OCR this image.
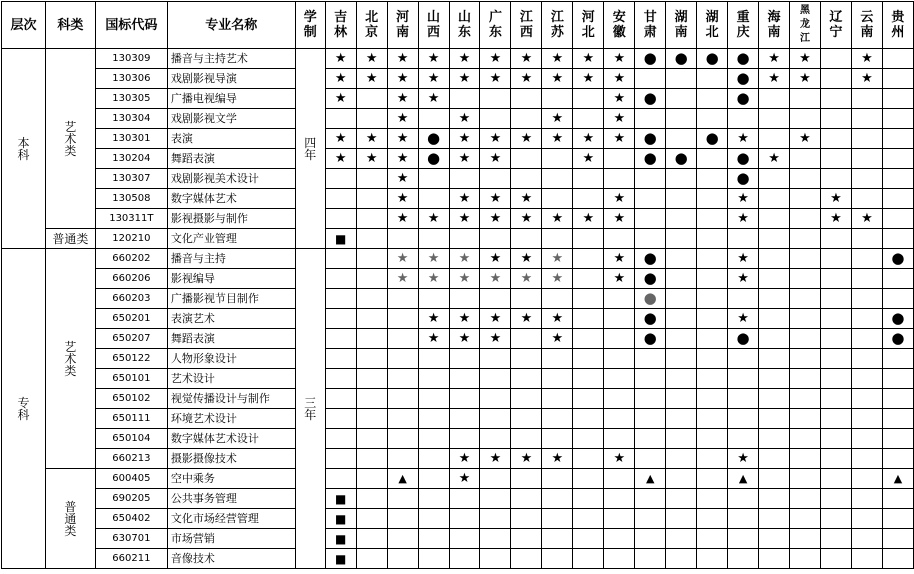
层次	科类	国标代码	专业名称	学制	吉林	北京	河南	山西	山东	广东	江西	江苏	河北	安徽	甘肃	湖南	湖北	重庆	海南	黑龙江	辽宁	云南	贵州
本科	艺术类	130309	播音与主持艺术	四年	★	★	★	★	★	★	★	★	★	★	●	●	●	●	★	★		★	
		130306	戏剧影视导演		★	★	★	★	★	★	★	★	★	★				●	★	★		★	
		130305	广播电视编导		★		★	★						★	●			●					
		130304	戏剧影视文学				★		★			★		★									
		130301	表演		★	★	★	●	★	★	★	★	★	★	●		●	★		★			
		130204	舞蹈表演		★	★	★	●	★	★			★		●	●		●	★				
		130307	戏剧影视美术设计				★											●					
		130508	数字媒体艺术				★		★	★	★			★				★			★		
		130311T	影视摄影与制作				★	★	★	★	★	★	★	★				★			★	★	
	普通类	120210	文化产业管理		■																		
专科	艺术类	660202	播音与主持	三年			★	★	★	★	★	★		★	●			★					●
		660206	影视编导				★	★	★	★	★	★		★	●			★					
		660203	广播影视节目制作												●								
		650201	表演艺术					★	★	★	★	★			●			★					●
		650207	舞蹈表演					★	★	★		★			●			●					●
		650122	人物形象设计																				
		650101	艺术设计																				
		650102	视觉传播设计与制作																				
		650111	环境艺术设计																				
		650104	数字媒体艺术设计																				
		660213	摄影摄像技术						★	★	★	★		★				★					
	普通类	600405	空中乘务				▲		★						▲			▲					▲
		690205	公共事务管理		■																		
		650402	文化市场经营管理		■																		
		630701	市场营销		■																		
		660211	音像技术		■																		
